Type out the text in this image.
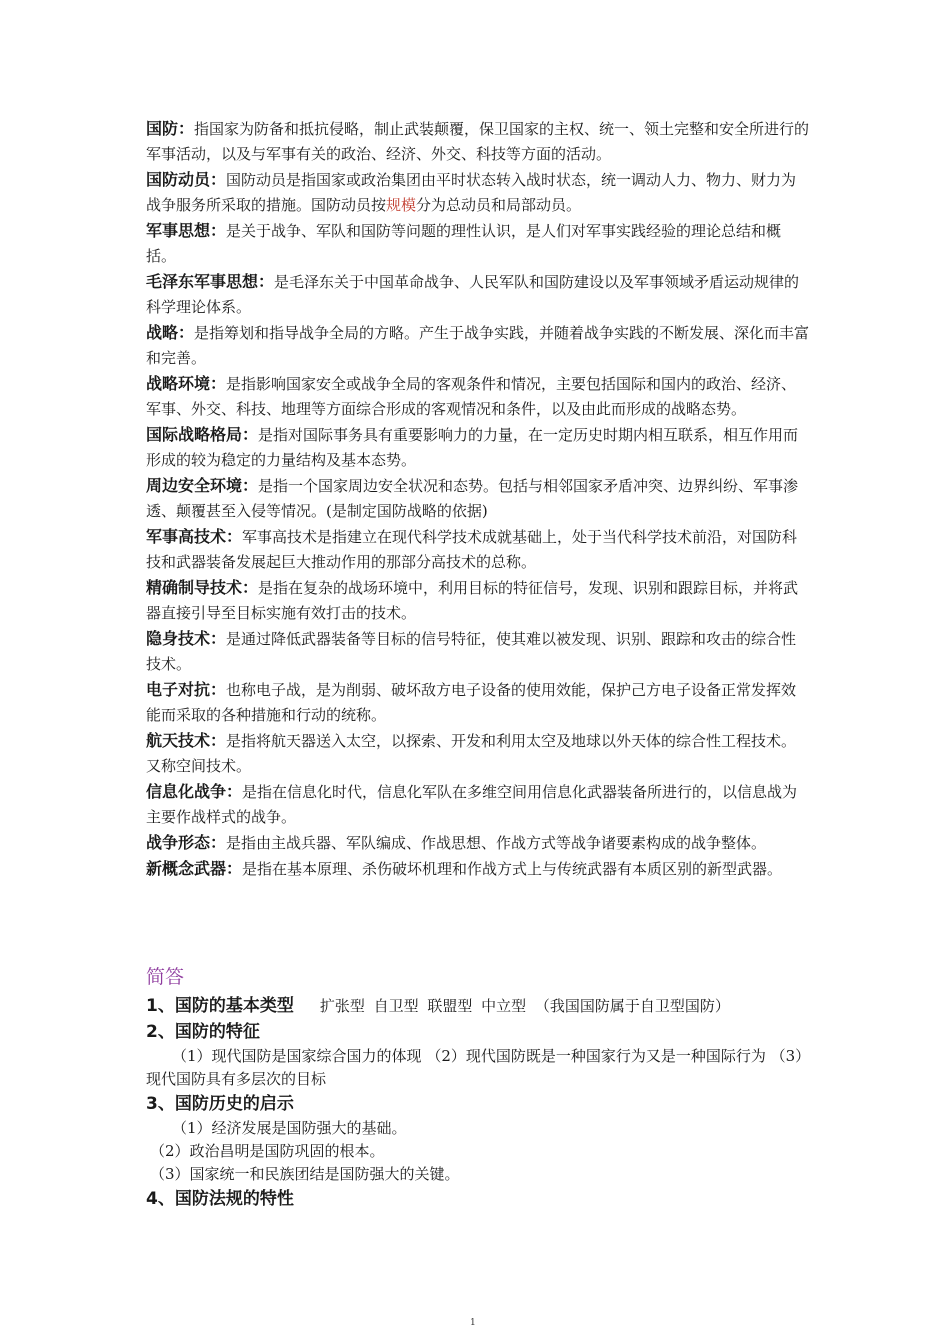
国防：指国家为防备和抵抗侵略，制止武装颠覆，保卫国家的主权、统一、领土完整和安全所进行的军事活动，以及与军事有关的政治、经济、外交、科技等方面的活动。

国防动员：国防动员是指国家或政治集团由平时状态转入战时状态，统一调动人力、物力、财力为战争服务所采取的措施。国防动员按规模分为总动员和局部动员。

军事思想：是关于战争、军队和国防等问题的理性认识，是人们对军事实践经验的理论总结和概括。

毛泽东军事思想：是毛泽东关于中国革命战争、人民军队和国防建设以及军事领域矛盾运动规律的科学理论体系。

战略：是指筹划和指导战争全局的方略。产生于战争实践，并随着战争实践的不断发展、深化而丰富和完善。

战略环境：是指影响国家安全或战争全局的客观条件和情况，主要包括国际和国内的政治、经济、军事、外交、科技、地理等方面综合形成的客观情况和条件，以及由此而形成的战略态势。

国际战略格局：是指对国际事务具有重要影响力的力量，在一定历史时期内相互联系，相互作用而形成的较为稳定的力量结构及基本态势。

周边安全环境：是指一个国家周边安全状况和态势。包括与相邻国家矛盾冲突、边界纠纷、军事渗透、颠覆甚至入侵等情况。(是制定国防战略的依据)

军事高技术：军事高技术是指建立在现代科学技术成就基础上，处于当代科学技术前沿，对国防科技和武器装备发展起巨大推动作用的那部分高技术的总称。

精确制导技术：是指在复杂的战场环境中，利用目标的特征信号，发现、识别和跟踪目标，并将武器直接引导至目标实施有效打击的技术。

隐身技术：是通过降低武器装备等目标的信号特征，使其难以被发现、识别、跟踪和攻击的综合性技术。

电子对抗：也称电子战，是为削弱、破坏敌方电子设备的使用效能，保护己方电子设备正常发挥效能而采取的各种措施和行动的统称。

航天技术：是指将航天器送入太空，以探索、开发和利用太空及地球以外天体的综合性工程技术。又称空间技术。

信息化战争：是指在信息化时代，信息化军队在多维空间用信息化武器装备所进行的，以信息战为主要作战样式的战争。

战争形态：是指由主战兵器、军队编成、作战思想、作战方式等战争诸要素构成的战争整体。

新概念武器：是指在基本原理、杀伤破坏机理和作战方式上与传统武器有本质区别的新型武器。

简答

1、国防的基本类型 扩张型 自卫型 联盟型 中立型 （我国国防属于自卫型国防）

2、国防的特征

（1）现代国防是国家综合国力的体现 （2）现代国防既是一种国家行为又是一种国际行为 （3）现代国防具有多层次的目标

3、国防历史的启示

（1）经济发展是国防强大的基础。

（2）政治昌明是国防巩固的根本。

（3）国家统一和民族团结是国防强大的关键。

4、国防法规的特性

1
